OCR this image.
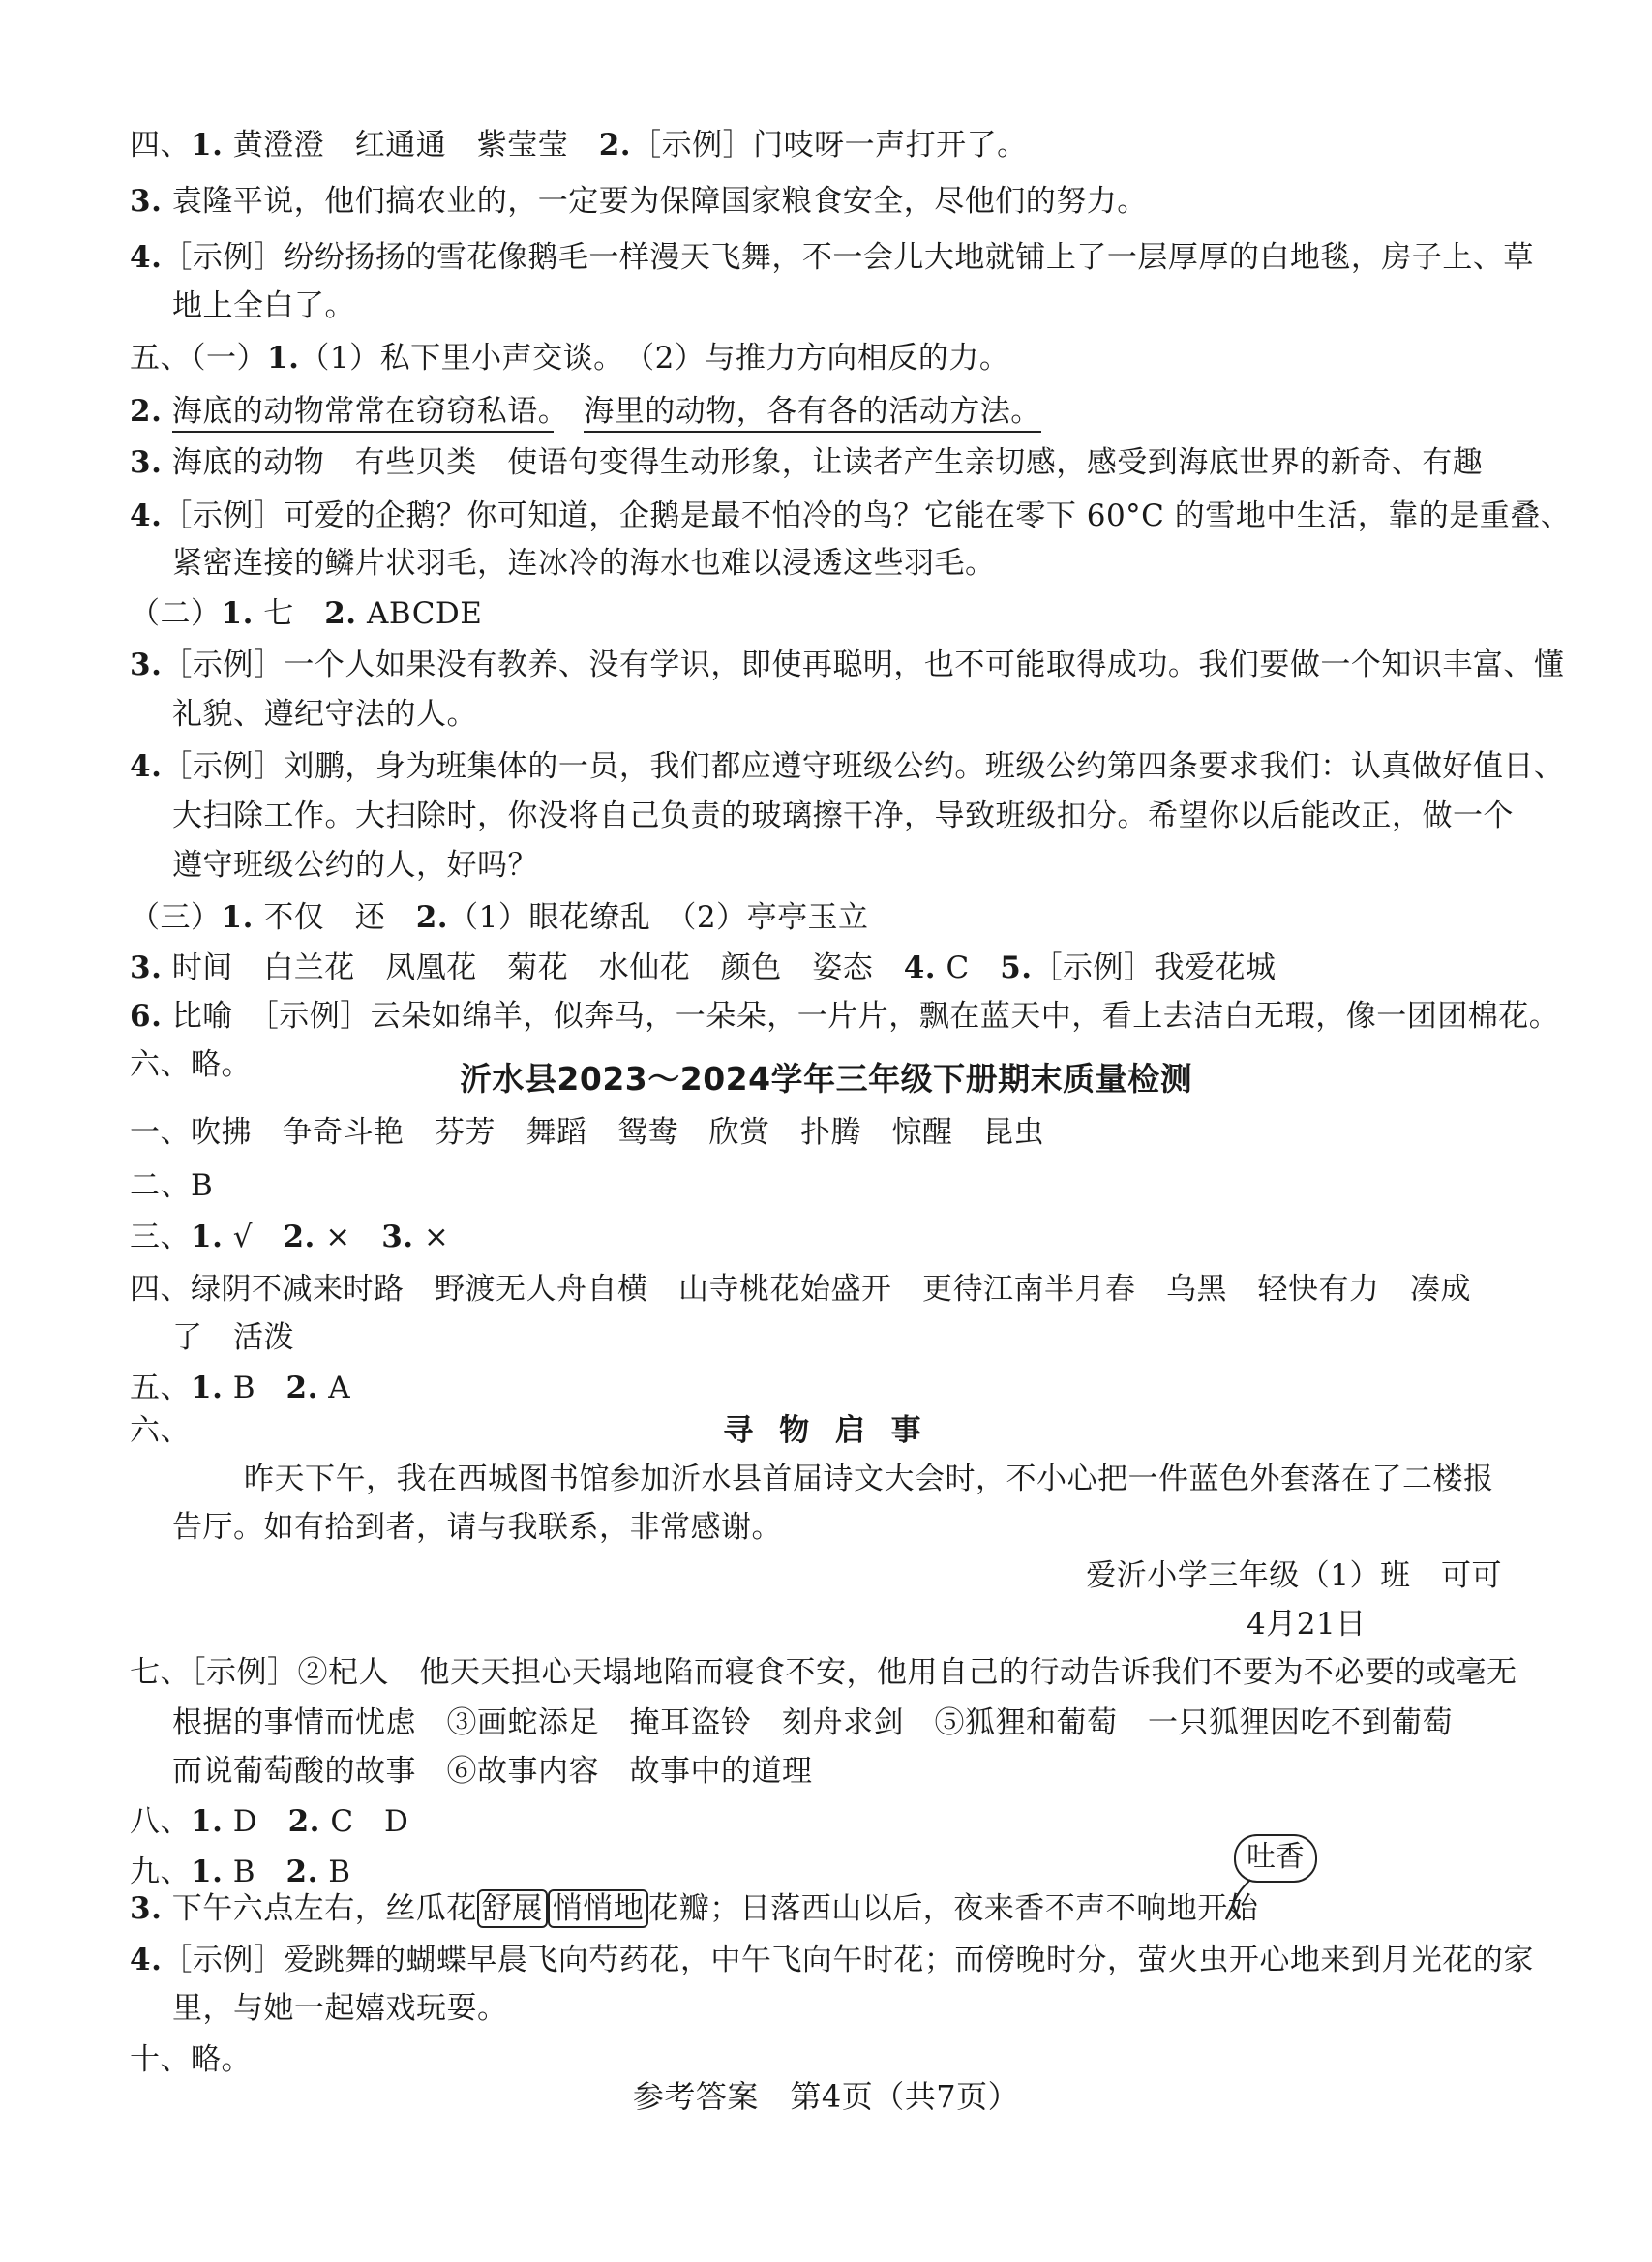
四、1. 黄澄澄　红通通　紫莹莹　2.［示例］门吱呀一声打开了。
3. 袁隆平说，他们搞农业的，一定要为保障国家粮食安全，尽他们的努力。
4.［示例］纷纷扬扬的雪花像鹅毛一样漫天飞舞，不一会儿大地就铺上了一层厚厚的白地毯，房子上、草
地上全白了。
五、（一）1.（1）私下里小声交谈。　（2）与推力方向相反的力。
2. 海底的动物常常在窃窃私语。　 海里的动物，各有各的活动方法。
3. 海底的动物　有些贝类　使语句变得生动形象，让读者产生亲切感，感受到海底世界的新奇、有趣
4.［示例］可爱的企鹅？你可知道，企鹅是最不怕冷的鸟？它能在零下 60°C 的雪地中生活，靠的是重叠、
紧密连接的鳞片状羽毛，连冰冷的海水也难以浸透这些羽毛。
（二）1. 七　2. ABCDE
3.［示例］一个人如果没有教养、没有学识，即使再聪明，也不可能取得成功。我们要做一个知识丰富、懂
礼貌、遵纪守法的人。
4.［示例］刘鹏，身为班集体的一员，我们都应遵守班级公约。班级公约第四条要求我们：认真做好值日、
大扫除工作。大扫除时，你没将自己负责的玻璃擦干净，导致班级扣分。希望你以后能改正，做一个
遵守班级公约的人，好吗？
（三）1. 不仅　还　2.（1）眼花缭乱　（2）亭亭玉立
3. 时间　白兰花　凤凰花　菊花　水仙花　颜色　姿态　4. C　5.［示例］我爱花城
6. 比喻　［示例］云朵如绵羊，似奔马，一朵朵，一片片，飘在蓝天中，看上去洁白无瑕，像一团团棉花。
六、略。	沂水县2023～2024学年三年级下册期末质量检测
一、吹拂　争奇斗艳　芬芳　舞蹈　鸳鸯　欣赏　扑腾　惊醒　昆虫
二、B
三、1. √　2. ×　3. ×
四、绿阴不减来时路　野渡无人舟自横　山寺桃花始盛开　更待江南半月春　乌黑　轻快有力　凑成
了　活泼
五、1. B　2. A
六、	寻 物 启 事
昨天下午，我在西城图书馆参加沂水县首届诗文大会时，不小心把一件蓝色外套落在了二楼报
告厅。如有拾到者，请与我联系，非常感谢。
爱沂小学三年级（1）班　可可
4月21日
七、［示例］②杞人　他天天担心天塌地陷而寝食不安，他用自己的行动告诉我们不要为不必要的或毫无
根据的事情而忧虑　③画蛇添足　掩耳盗铃　刻舟求剑　⑤狐狸和葡萄　一只狐狸因吃不到葡萄
而说葡萄酸的故事　⑥故事内容　故事中的道理
八、1. D　2. C　D
九、1. B　2. B
3. 下午六点左右，丝瓜花 舒展 悄悄地 花瓣；日落西山以后，夜来香不声不响地开始
吐香
4.［示例］爱跳舞的蝴蝶早晨飞向芍药花，中午飞向午时花；而傍晚时分，萤火虫开心地来到月光花的家
里，与她一起嬉戏玩耍。
十、略。
参考答案　第4页（共7页）
